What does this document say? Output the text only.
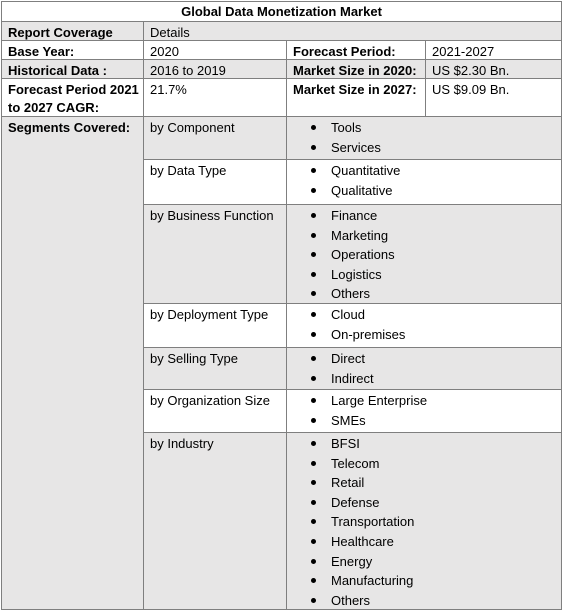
Global Data Monetization Market
Report Coverage	Details
Base Year:	2020	Forecast Period:	2021-2027
Historical Data :	2016 to 2019	Market Size in 2020:	US $2.30 Bn.
Forecast Period 2021
to 2027 CAGR:
21.7%	Market Size in 2027:	US $9.09 Bn.
Segments Covered:	by Component	Tools
Services
by Data Type	Quantitative
Qualitative
by Business Function	Finance
Marketing
Operations
Logistics
Others
by Deployment Type	Cloud
On-premises
by Selling Type	Direct
Indirect
by Organization Size	Large Enterprise
SMEs
by Industry	BFSI
Telecom
Retail
Defense
Transportation
Healthcare
Energy
Manufacturing
Others
